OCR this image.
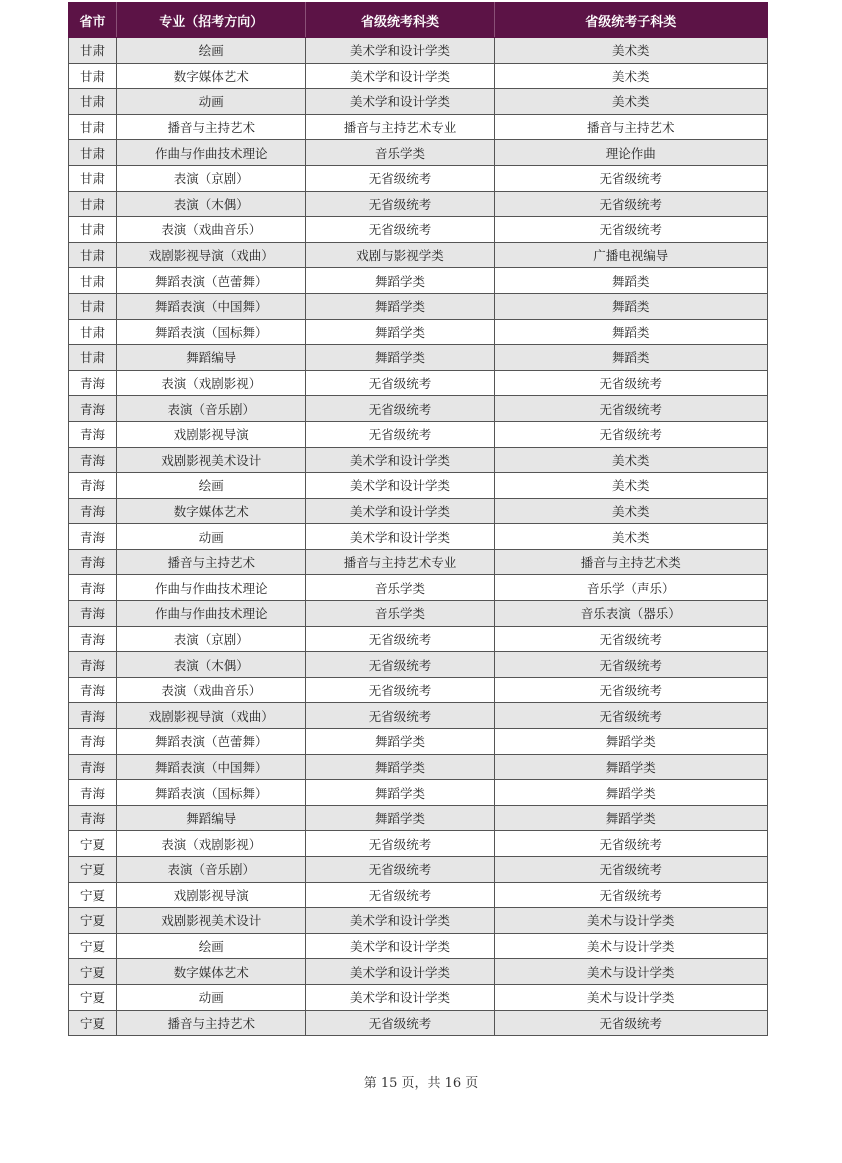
省市	专业（招考方向）	省级统考科类	省级统考子科类
甘肃	绘画	美术学和设计学类	美术类
甘肃	数字媒体艺术	美术学和设计学类	美术类
甘肃	动画	美术学和设计学类	美术类
甘肃	播音与主持艺术	播音与主持艺术专业	播音与主持艺术
甘肃	作曲与作曲技术理论	音乐学类	理论作曲
甘肃	表演（京剧）	无省级统考	无省级统考
甘肃	表演（木偶）	无省级统考	无省级统考
甘肃	表演（戏曲音乐）	无省级统考	无省级统考
甘肃	戏剧影视导演（戏曲）	戏剧与影视学类	广播电视编导
甘肃	舞蹈表演（芭蕾舞）	舞蹈学类	舞蹈类
甘肃	舞蹈表演（中国舞）	舞蹈学类	舞蹈类
甘肃	舞蹈表演（国标舞）	舞蹈学类	舞蹈类
甘肃	舞蹈编导	舞蹈学类	舞蹈类
青海	表演（戏剧影视）	无省级统考	无省级统考
青海	表演（音乐剧）	无省级统考	无省级统考
青海	戏剧影视导演	无省级统考	无省级统考
青海	戏剧影视美术设计	美术学和设计学类	美术类
青海	绘画	美术学和设计学类	美术类
青海	数字媒体艺术	美术学和设计学类	美术类
青海	动画	美术学和设计学类	美术类
青海	播音与主持艺术	播音与主持艺术专业	播音与主持艺术类
青海	作曲与作曲技术理论	音乐学类	音乐学（声乐）
青海	作曲与作曲技术理论	音乐学类	音乐表演（器乐）
青海	表演（京剧）	无省级统考	无省级统考
青海	表演（木偶）	无省级统考	无省级统考
青海	表演（戏曲音乐）	无省级统考	无省级统考
青海	戏剧影视导演（戏曲）	无省级统考	无省级统考
青海	舞蹈表演（芭蕾舞）	舞蹈学类	舞蹈学类
青海	舞蹈表演（中国舞）	舞蹈学类	舞蹈学类
青海	舞蹈表演（国标舞）	舞蹈学类	舞蹈学类
青海	舞蹈编导	舞蹈学类	舞蹈学类
宁夏	表演（戏剧影视）	无省级统考	无省级统考
宁夏	表演（音乐剧）	无省级统考	无省级统考
宁夏	戏剧影视导演	无省级统考	无省级统考
宁夏	戏剧影视美术设计	美术学和设计学类	美术与设计学类
宁夏	绘画	美术学和设计学类	美术与设计学类
宁夏	数字媒体艺术	美术学和设计学类	美术与设计学类
宁夏	动画	美术学和设计学类	美术与设计学类
宁夏	播音与主持艺术	无省级统考	无省级统考
第 15 页，共 16 页
